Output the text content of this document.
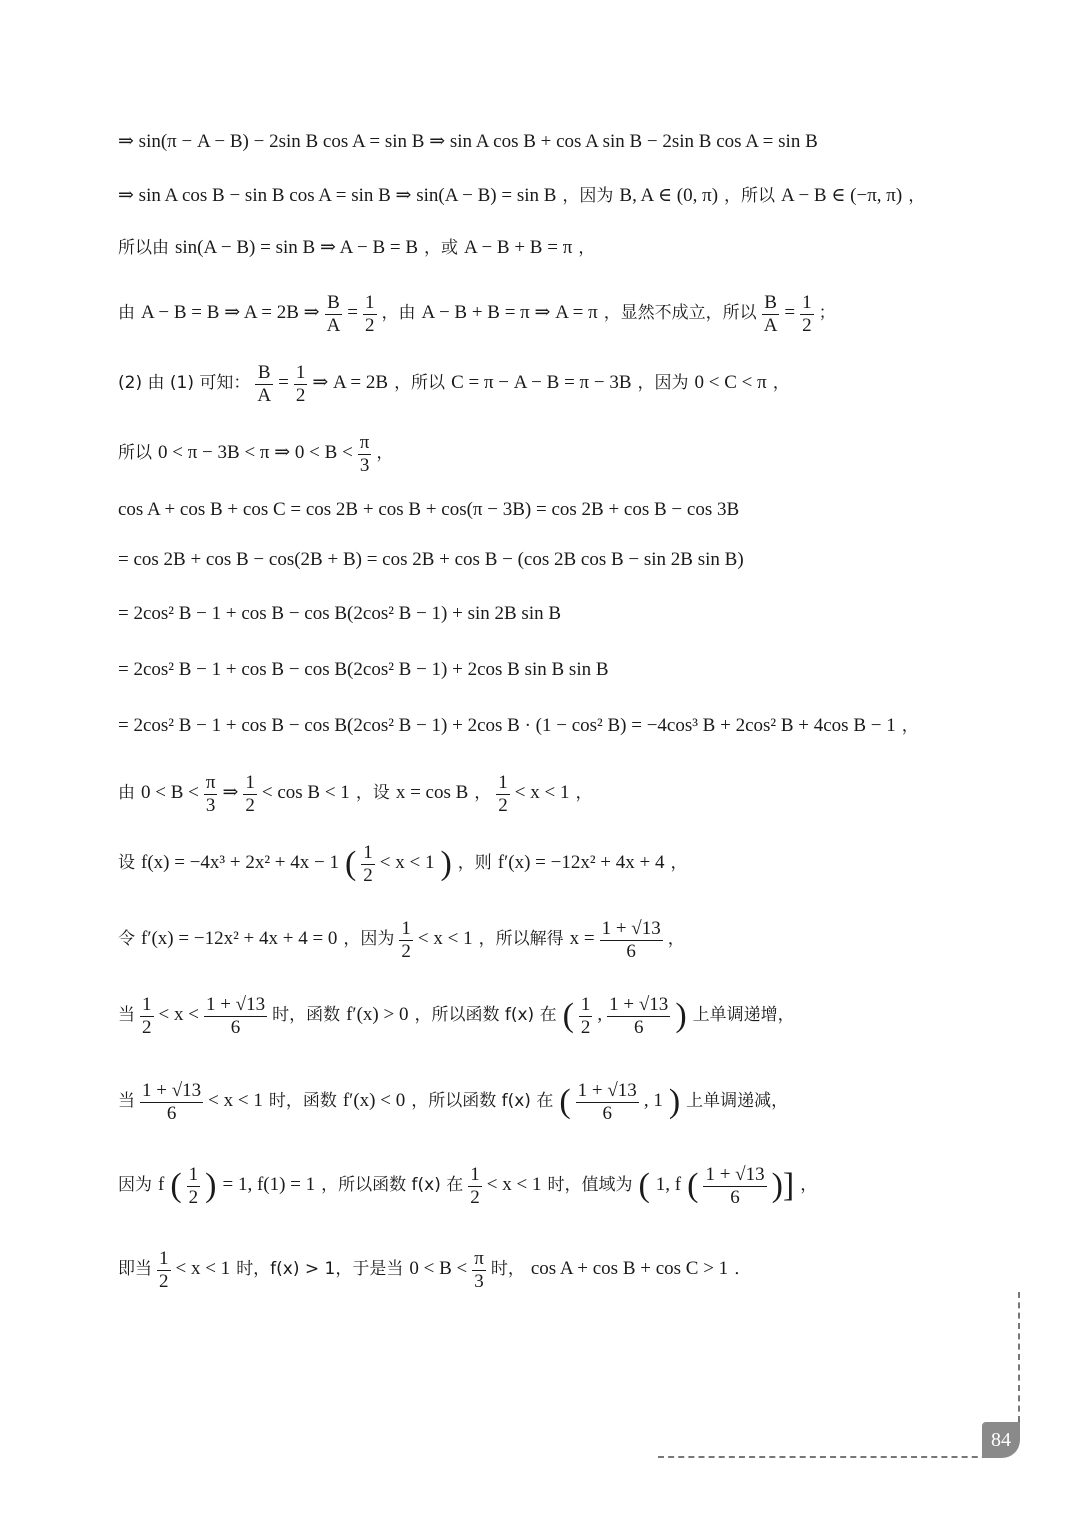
⇒ sin(π − A − B) − 2sin B cos A = sin B ⇒ sin A cos B + cos A sin B − 2sin B cos A = sin B
⇒ sin A cos B − sin B cos A = sin B ⇒ sin(A − B) = sin B ，因为 B, A ∈ (0, π) ，所以 A − B ∈ (−π, π) ，
所以由 sin(A − B) = sin B ⇒ A − B = B ，或 A − B + B = π ，
由 A − B = B ⇒ A = 2B ⇒ $\frac{B}{A} = \frac{1}{2}$ ，由 A − B + B = π ⇒ A = π ，显然不成立，所以 $\frac{B}{A} = \frac{1}{2}$ ；
(2) 由 (1) 可知： $\frac{B}{A} = \frac{1}{2}$ ⇒ A = 2B ，所以 C = π − A − B = π − 3B ，因为 0 < C < π ，
所以 0 < π − 3B < π ⇒ $0 < B < \frac{\pi}{3}$ ，
cos A + cos B + cos C = cos 2B + cos B + cos(π − 3B) = cos 2B + cos B − cos 3B
= cos 2B + cos B − cos(2B + B) = cos 2B + cos B − (cos 2B cos B − sin 2B sin B)
= 2cos² B − 1 + cos B − cos B(2cos² B − 1) + sin 2B sin B
= 2cos² B − 1 + cos B − cos B(2cos² B − 1) + 2cos B sin B sin B
= 2cos² B − 1 + cos B − cos B(2cos² B − 1) + 2cos B · (1 − cos² B) = −4cos³ B + 2cos² B + 4cos B − 1 ，
由 $0 < B < \frac{\pi}{3}$ ⇒ $\frac{1}{2} < \cos B < 1$ ，设 x = cos B ， $\frac{1}{2} < x < 1$ ，
设 f(x) = −4x³ + 2x² + 4x − 1 ( $\frac{1}{2} < x < 1$ ) ，则 f′(x) = −12x² + 4x + 4 ，
令 f′(x) = −12x² + 4x + 4 = 0 ，因为 $\frac{1}{2} < x < 1$ ，所以解得 $x = \frac{1 + √13}{6}$ ，
当 $\frac{1}{2} < x < \frac{1 + √13}{6}$ 时，函数 f′(x) > 0 ，所以函数 f(x) 在 ( $\frac{1}{2}$ , $\frac{1 + √13}{6}$ ) 上单调递增，
当 $\frac{1 + √13}{6} < x < 1$ 时，函数 f′(x) < 0 ，所以函数 f(x) 在 ( $\frac{1 + √13}{6}$ , 1 ) 上单调递减，
因为 f ( $\frac{1}{2}$ ) = 1, f(1) = 1 ，所以函数 f(x) 在 $\frac{1}{2} < x < 1$ 时，值域为 ( 1, f ( $\frac{1 + √13}{6}$ )] ，
即当 $\frac{1}{2} < x < 1$ 时，f(x) > 1，于是当 $0 < B < \frac{\pi}{3}$ 时， cos A + cos B + cos C > 1 ．
84
